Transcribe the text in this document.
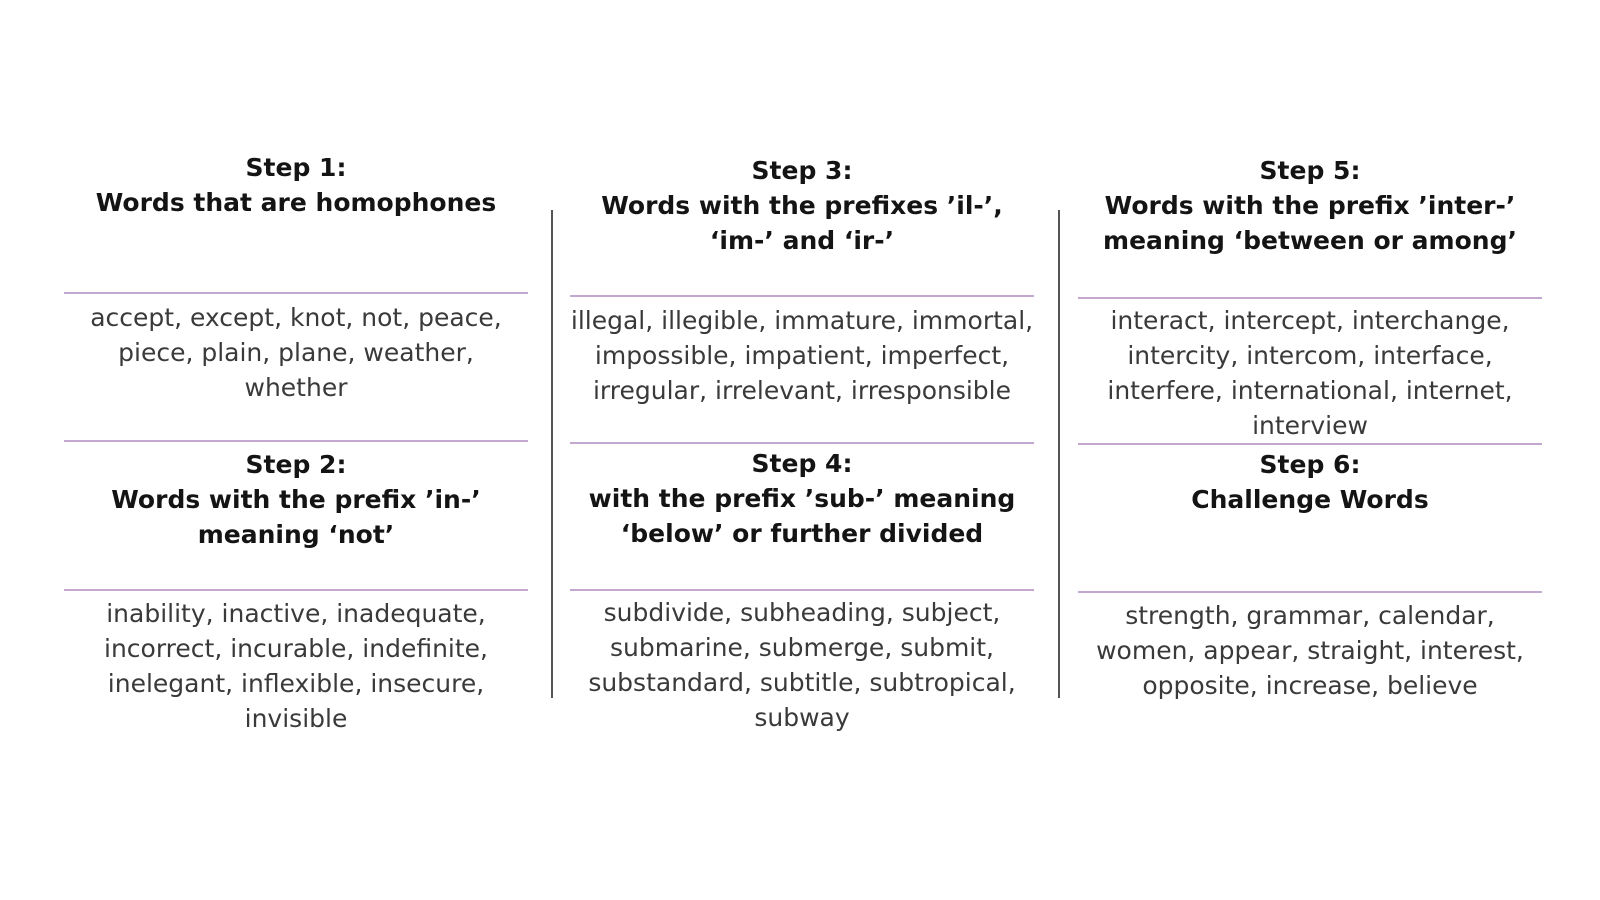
Step 1:
Words that are homophones
accept, except, knot, not, peace, piece, plain, plane, weather, whether
Step 2:
Words with the prefix ’in-’ meaning ‘not’
inability, inactive, inadequate, incorrect, incurable, indefinite, inelegant, inflexible, insecure, invisible
Step 3:
Words with the prefixes ’il-’, ‘im-’ and ‘ir-’
illegal, illegible, immature, immortal, impossible, impatient, imperfect, irregular, irrelevant, irresponsible
Step 4:
with the prefix ’sub-’ meaning ‘below’ or further divided
subdivide, subheading, subject, submarine, submerge, submit, substandard, subtitle, subtropical, subway
Step 5:
Words with the prefix ’inter-’ meaning ‘between or among’
interact, intercept, interchange, intercity, intercom, interface, interfere, international, internet, interview
Step 6:
Challenge Words
strength, grammar, calendar, women, appear, straight, interest, opposite, increase, believe
